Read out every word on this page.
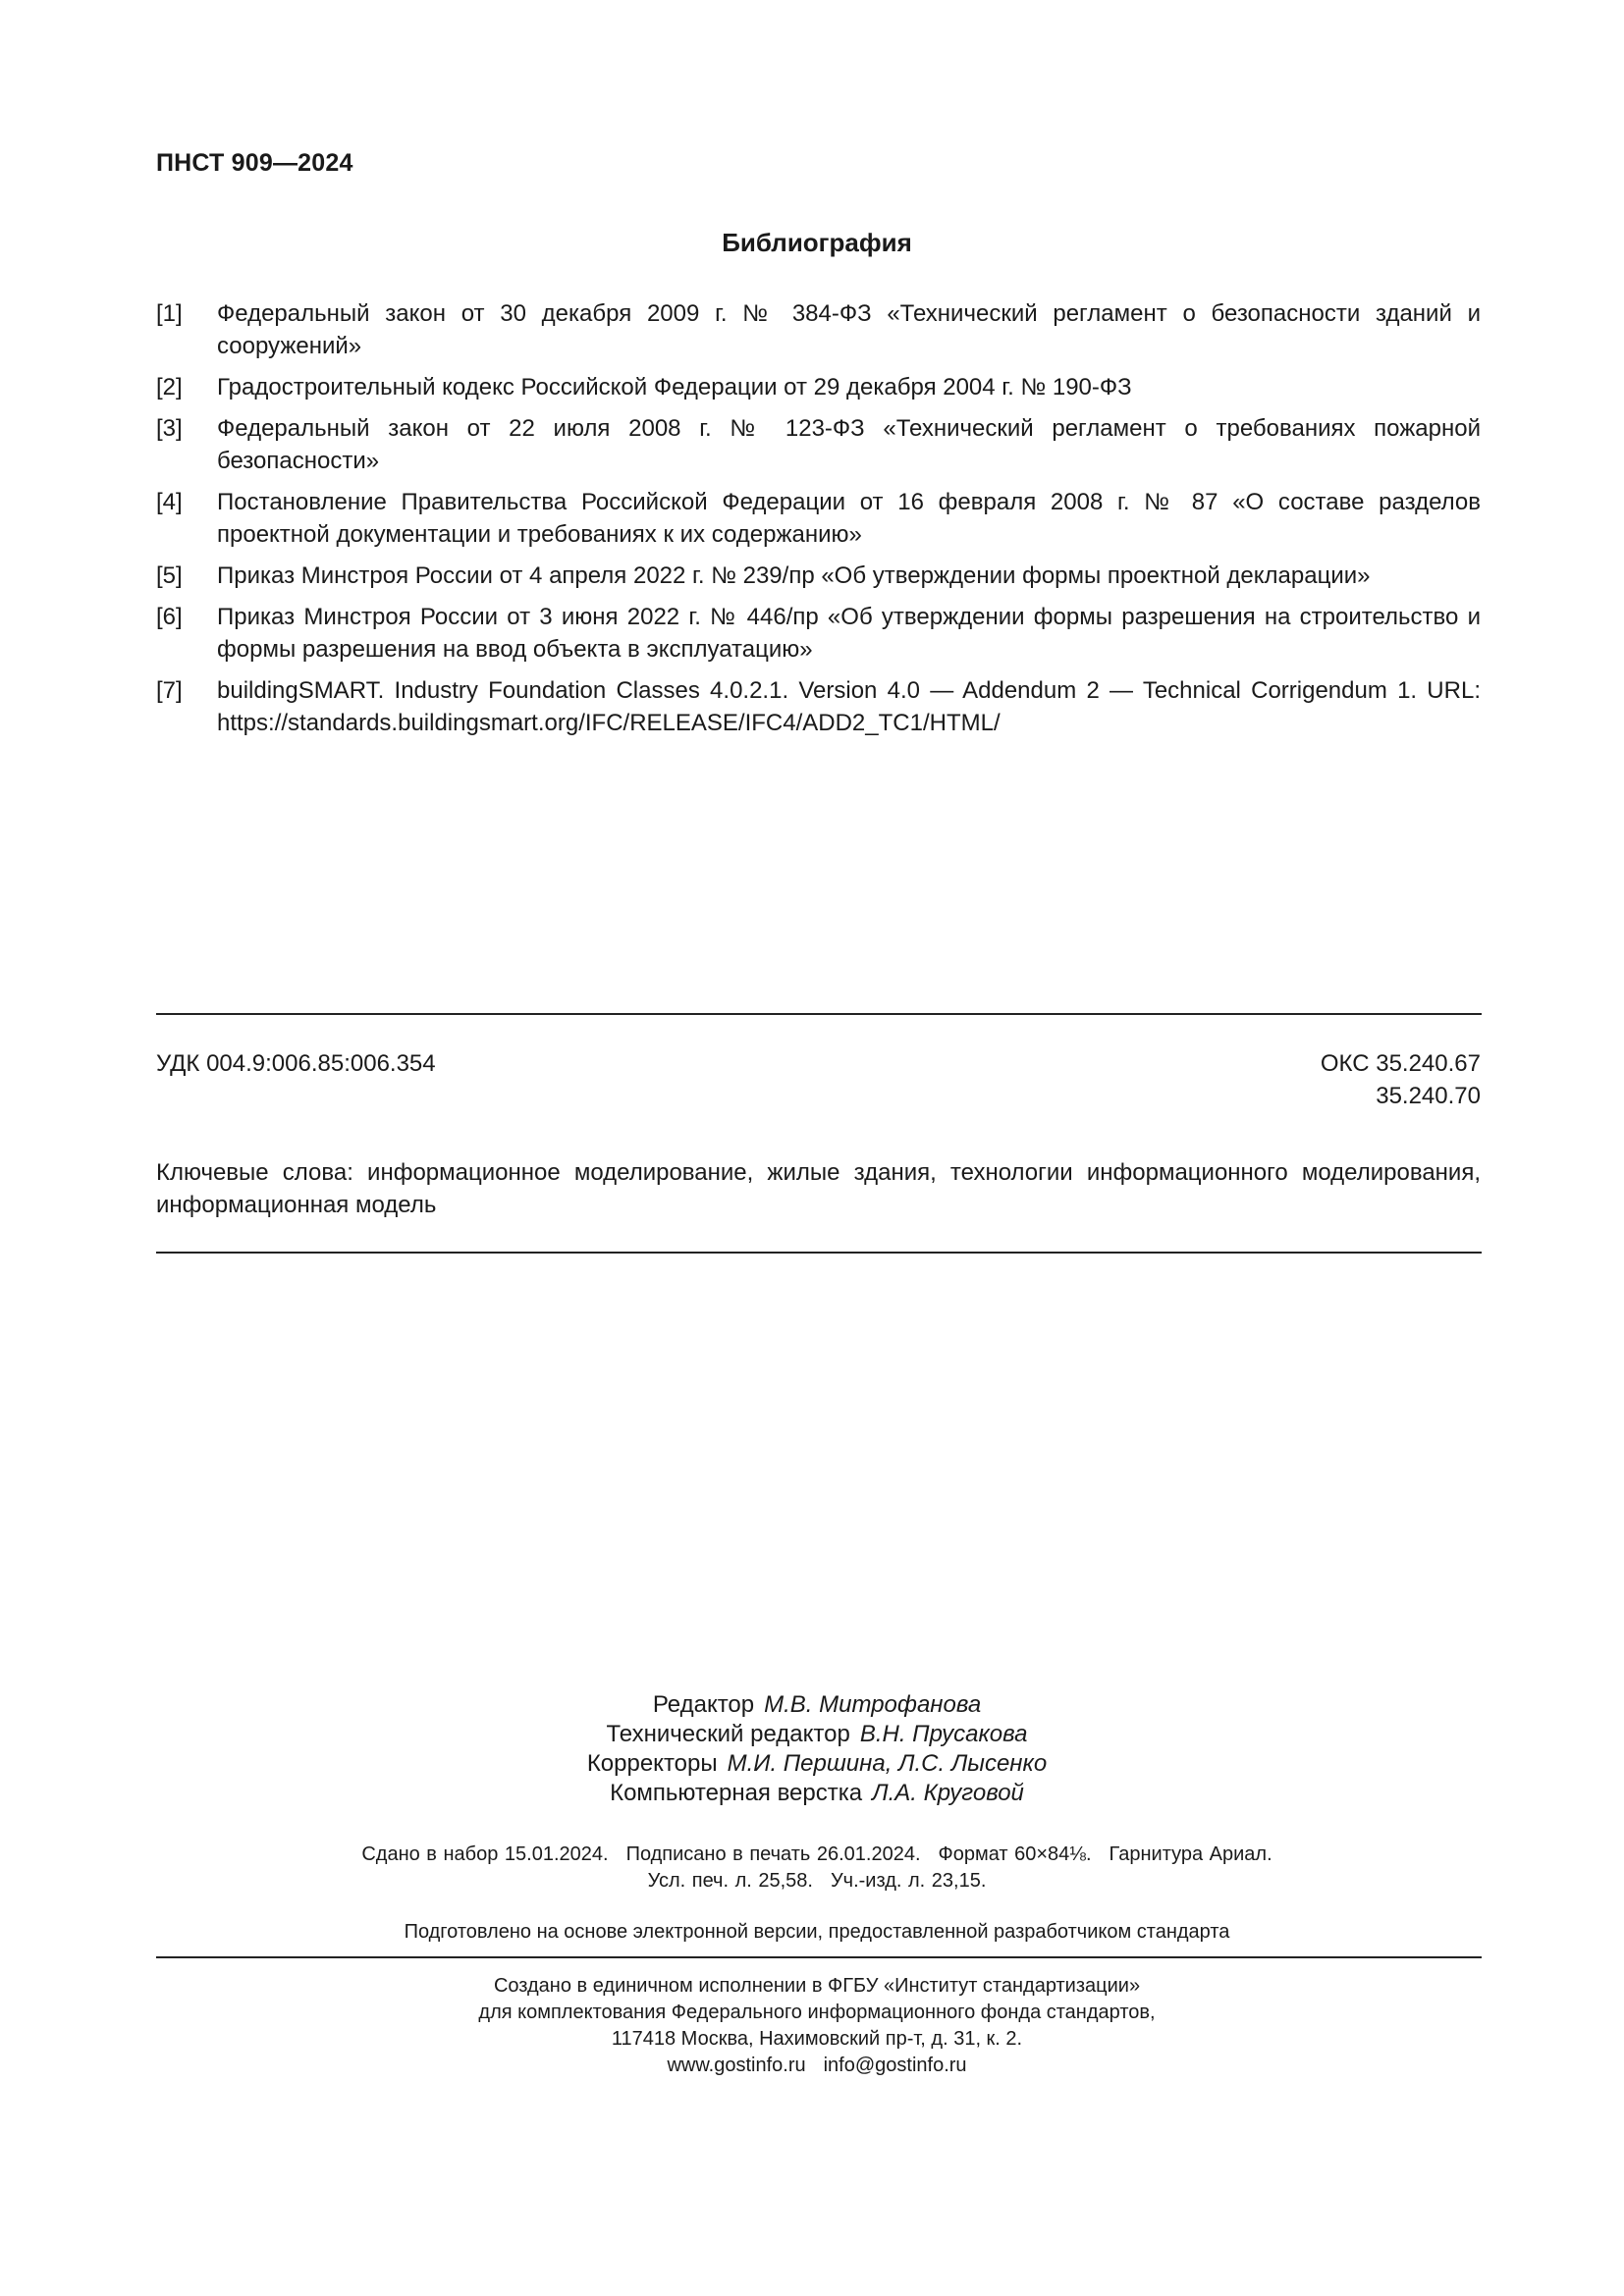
ПНСТ 909—2024
Библиография
[1]	Федеральный закон от 30 декабря 2009 г. № 384-ФЗ «Технический регламент о безопасности зданий и сооружений»
[2]	Градостроительный кодекс Российской Федерации от 29 декабря 2004 г. № 190-ФЗ
[3]	Федеральный закон от 22 июля 2008 г. № 123-ФЗ «Технический регламент о требованиях пожарной безопасности»
[4]	Постановление Правительства Российской Федерации от 16 февраля 2008 г. № 87 «О составе разделов проектной документации и требованиях к их содержанию»
[5]	Приказ Минстроя России от 4 апреля 2022 г. № 239/пр «Об утверждении формы проектной декларации»
[6]	Приказ Минстроя России от 3 июня 2022 г. № 446/пр «Об утверждении формы разрешения на строительство и формы разрешения на ввод объекта в эксплуатацию»
[7]	buildingSMART. Industry Foundation Classes 4.0.2.1. Version 4.0 — Addendum 2 — Technical Corrigendum 1. URL: https://standards.buildingsmart.org/IFC/RELEASE/IFC4/ADD2_TC1/HTML/
УДК 004.9:006.85:006.354	ОКС 35.240.67
35.240.70
Ключевые слова: информационное моделирование, жилые здания, технологии информационного моделирования, информационная модель
Редактор М.В. Митрофанова
Технический редактор В.Н. Прусакова
Корректоры М.И. Першина, Л.С. Лысенко
Компьютерная верстка Л.А. Круговой
Сдано в набор 15.01.2024. Подписано в печать 26.01.2024. Формат 60×84⅛. Гарнитура Ариал.
Усл. печ. л. 25,58. Уч.-изд. л. 23,15.
Подготовлено на основе электронной версии, предоставленной разработчиком стандарта
Создано в единичном исполнении в ФГБУ «Институт стандартизации»
для комплектования Федерального информационного фонда стандартов,
117418 Москва, Нахимовский пр-т, д. 31, к. 2.
www.gostinfo.ru info@gostinfo.ru
